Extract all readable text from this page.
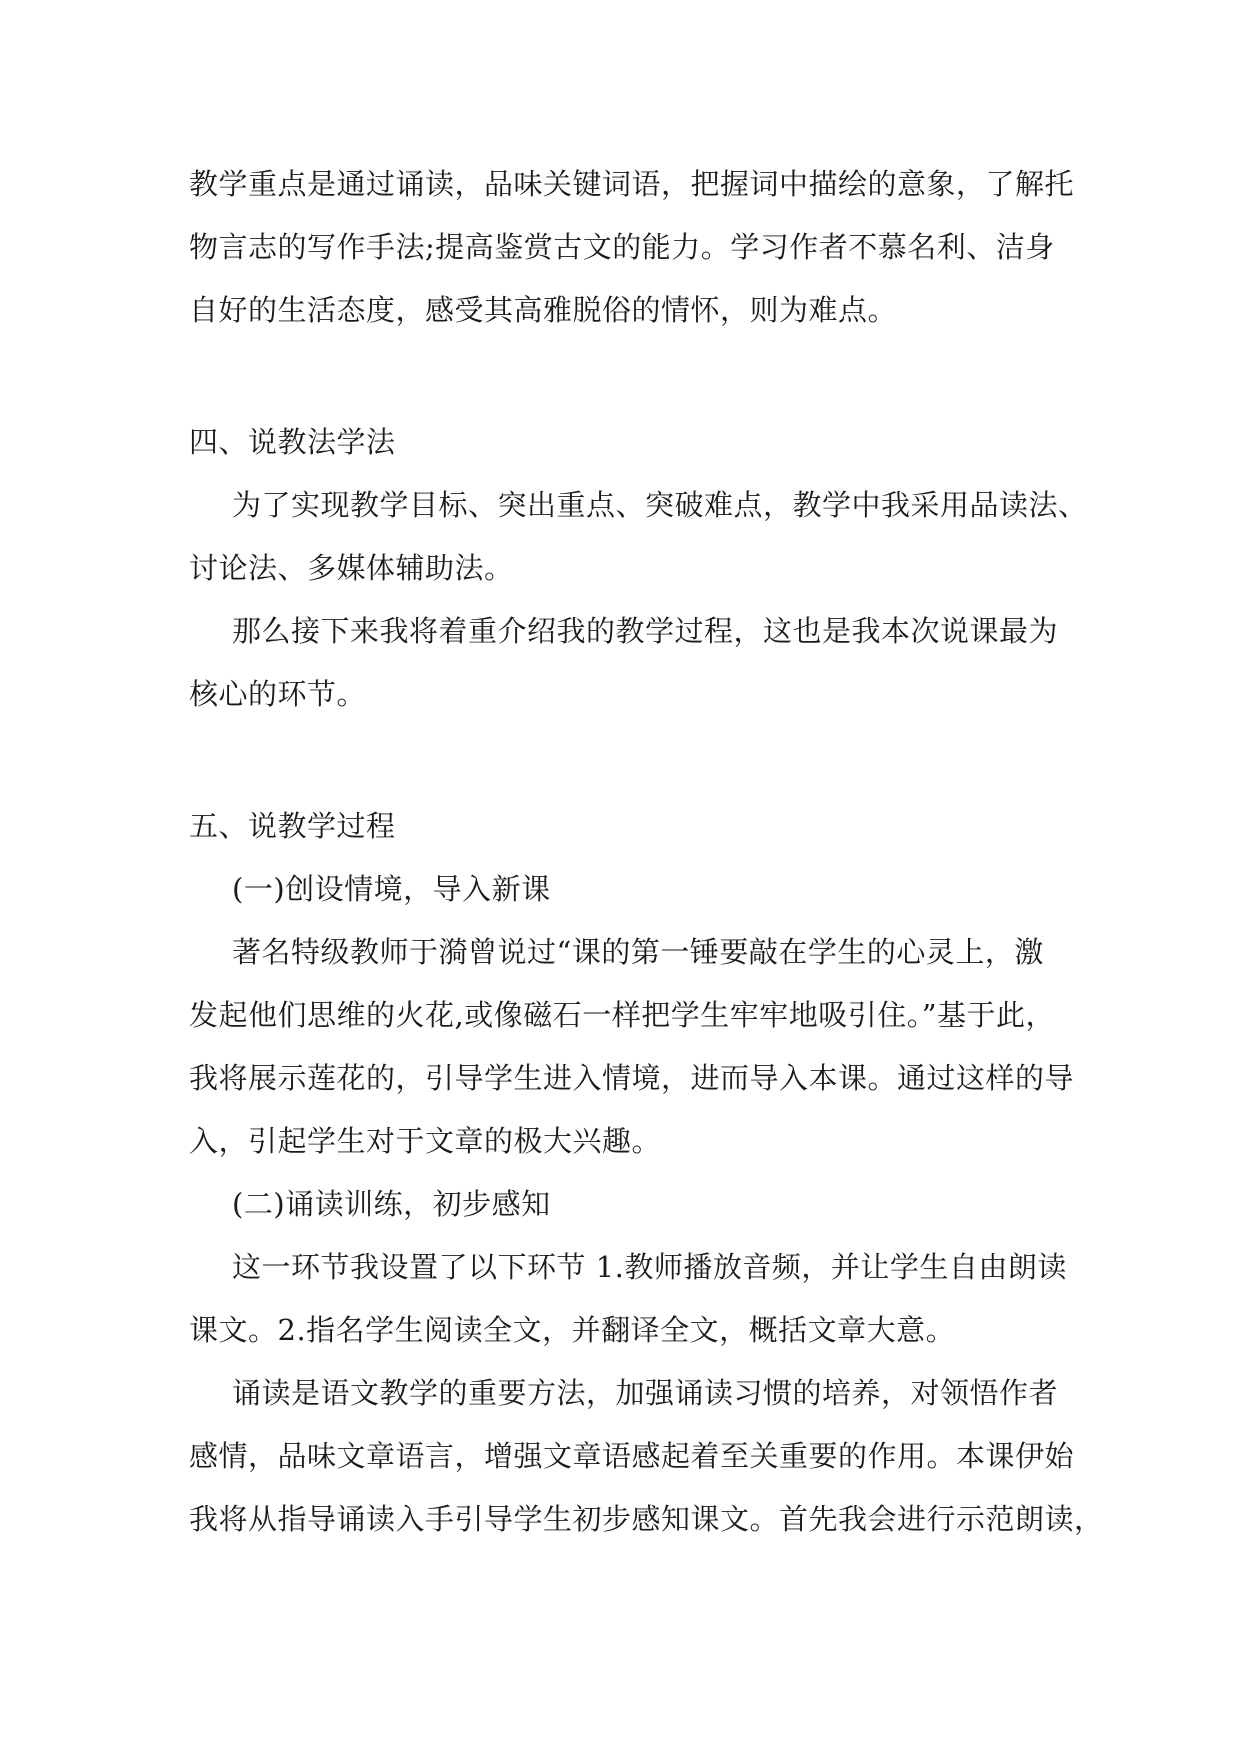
教学重点是通过诵读，品味关键词语，把握词中描绘的意象，了解托
物言志的写作手法;提高鉴赏古文的能力。学习作者不慕名利、洁身
自好的生活态度，感受其高雅脱俗的情怀，则为难点。
四、说教法学法
为了实现教学目标、突出重点、突破难点，教学中我采用品读法、
讨论法、多媒体辅助法。
那么接下来我将着重介绍我的教学过程，这也是我本次说课最为
核心的环节。
五、说教学过程
(一)创设情境，导入新课
著名特级教师于漪曾说过“课的第一锤要敲在学生的心灵上，激
发起他们思维的火花,或像磁石一样把学生牢牢地吸引住。”基于此，
我将展示莲花的，引导学生进入情境，进而导入本课。通过这样的导
入，引起学生对于文章的极大兴趣。
(二)诵读训练，初步感知
这一环节我设置了以下环节 1.教师播放音频，并让学生自由朗读
课文。2.指名学生阅读全文，并翻译全文，概括文章大意。
诵读是语文教学的重要方法，加强诵读习惯的培养，对领悟作者
感情，品味文章语言，增强文章语感起着至关重要的作用。本课伊始
我将从指导诵读入手引导学生初步感知课文。首先我会进行示范朗读，
